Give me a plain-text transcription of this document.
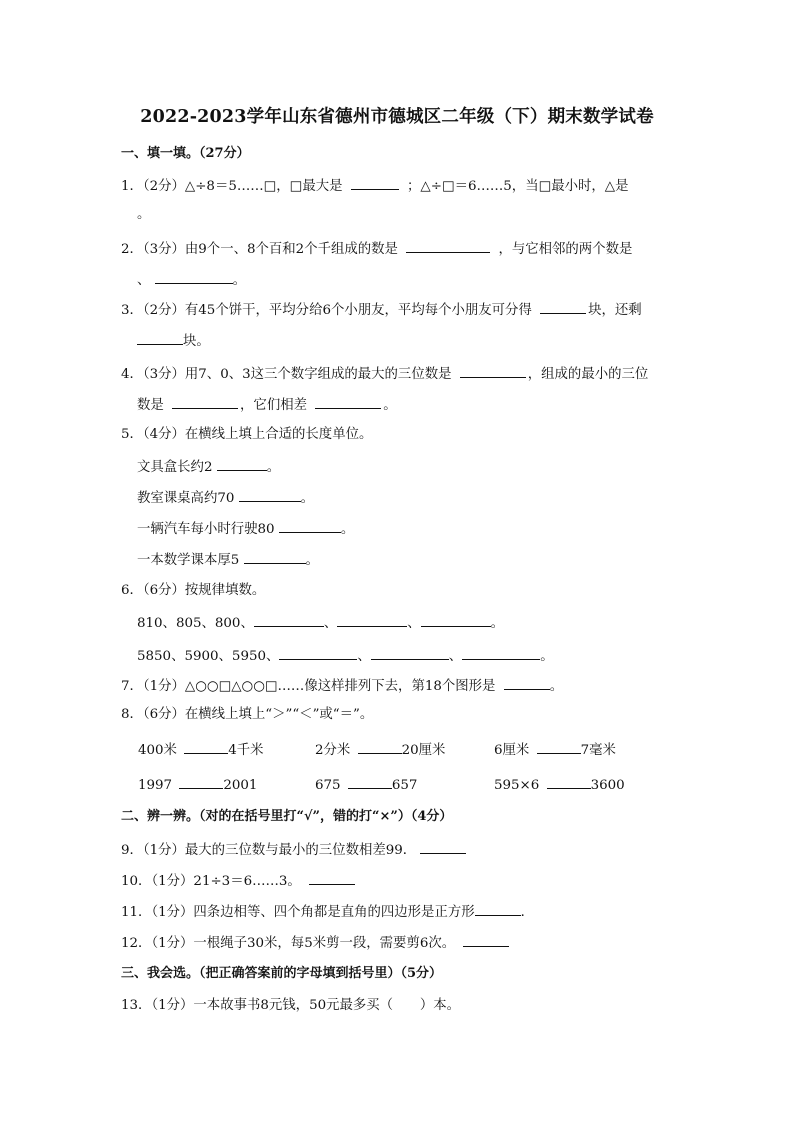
2022-2023学年山东省德州市德城区二年级（下）期末数学试卷
一、填一填。（27分）
1．（2分）△÷8＝5……□，□最大是	；△÷□＝6……5，当□最小时，△是
。
2．（3分）由9个一、8个百和2个千组成的数是	，与它相邻的两个数是
、	。
3．（2分）有45个饼干，平均分给6个小朋友，平均每个小朋友可分得	块，还剩
块。
4．（3分）用7、0、3这三个数字组成的最大的三位数是	，组成的最小的三位
数是	，它们相差	。
5．（4分）在横线上填上合适的长度单位。
文具盒长约2	。
教室课桌高约70	。
一辆汽车每小时行驶80	。
一本数学课本厚5	。
6．（6分）按规律填数。
810、805、800、	、	、	。
5850、5900、5950、	、	、	。
7．（1分）△○○□△○○□……像这样排列下去，第18个图形是	。
8．（6分）在横线上填上“＞”“＜”或“＝”。
400米	4千米	2分米	20厘米	6厘米	7毫米
1997	2001	675	657	595×6	3600
二、辨一辨。（对的在括号里打“√”，错的打“×”）（4分）
9．（1分）最大的三位数与最小的三位数相差99．
10．（1分）21÷3＝6……3。
11．（1分）四条边相等、四个角都是直角的四边形是正方形	．
12．（1分）一根绳子30米，每5米剪一段，需要剪6次。
三、我会选。（把正确答案前的字母填到括号里）（5分）
13．（1分）一本故事书8元钱，50元最多买（　　）本。
